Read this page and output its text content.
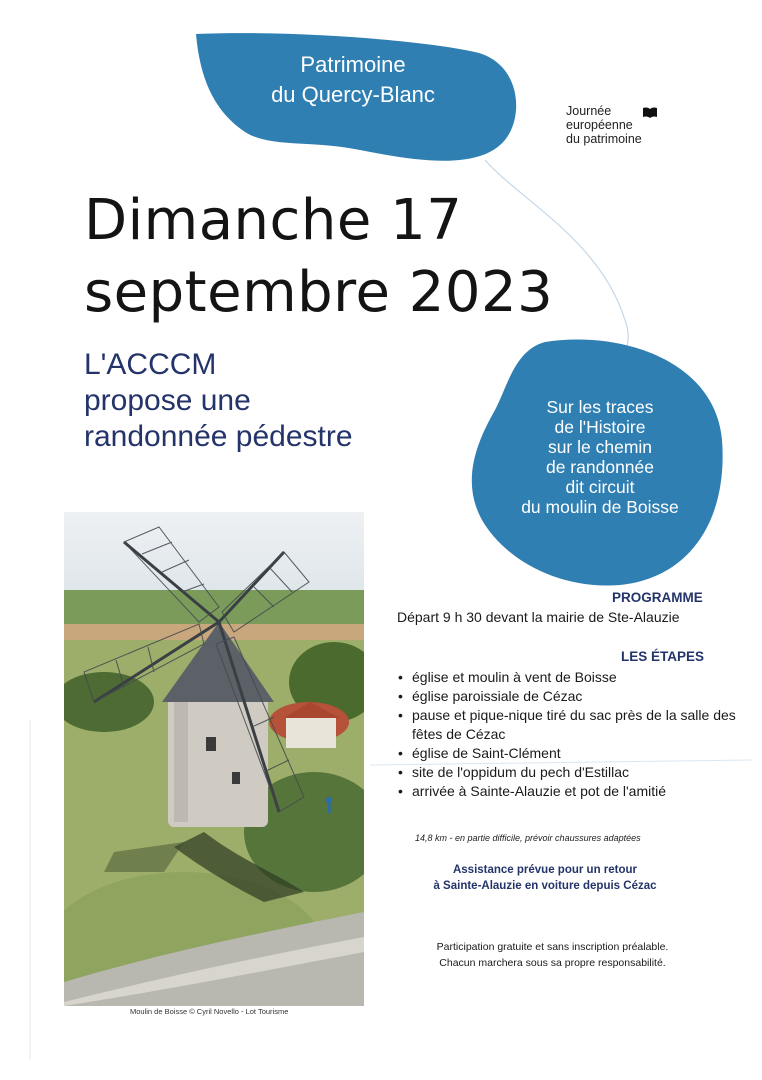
Patrimoine
du Quercy-Blanc
Journée
européenne
du patrimoine
Dimanche 17
septembre 2023
L'ACCCM
propose une
randonnée pédestre
Sur les traces
de l'Histoire
sur le chemin
de randonnée
dit circuit
du moulin de Boisse
Moulin de Boisse © Cyril Novello - Lot Tourisme
PROGRAMME
Départ 9 h 30 devant la mairie de Ste-Alauzie
LES ÉTAPES
• église et moulin à vent de Boisse
• église paroissiale de Cézac
• pause et pique-nique tiré du sac près de la salle des fêtes de Cézac
• église de Saint-Clément
• site de l'oppidum du pech d'Estillac
• arrivée à Sainte-Alauzie et pot de l'amitié
14,8 km - en partie difficile, prévoir chaussures adaptées
Assistance prévue pour un retour
à Sainte-Alauzie en voiture depuis Cézac
Participation gratuite et sans inscription préalable.
Chacun marchera sous sa propre responsabilité.
